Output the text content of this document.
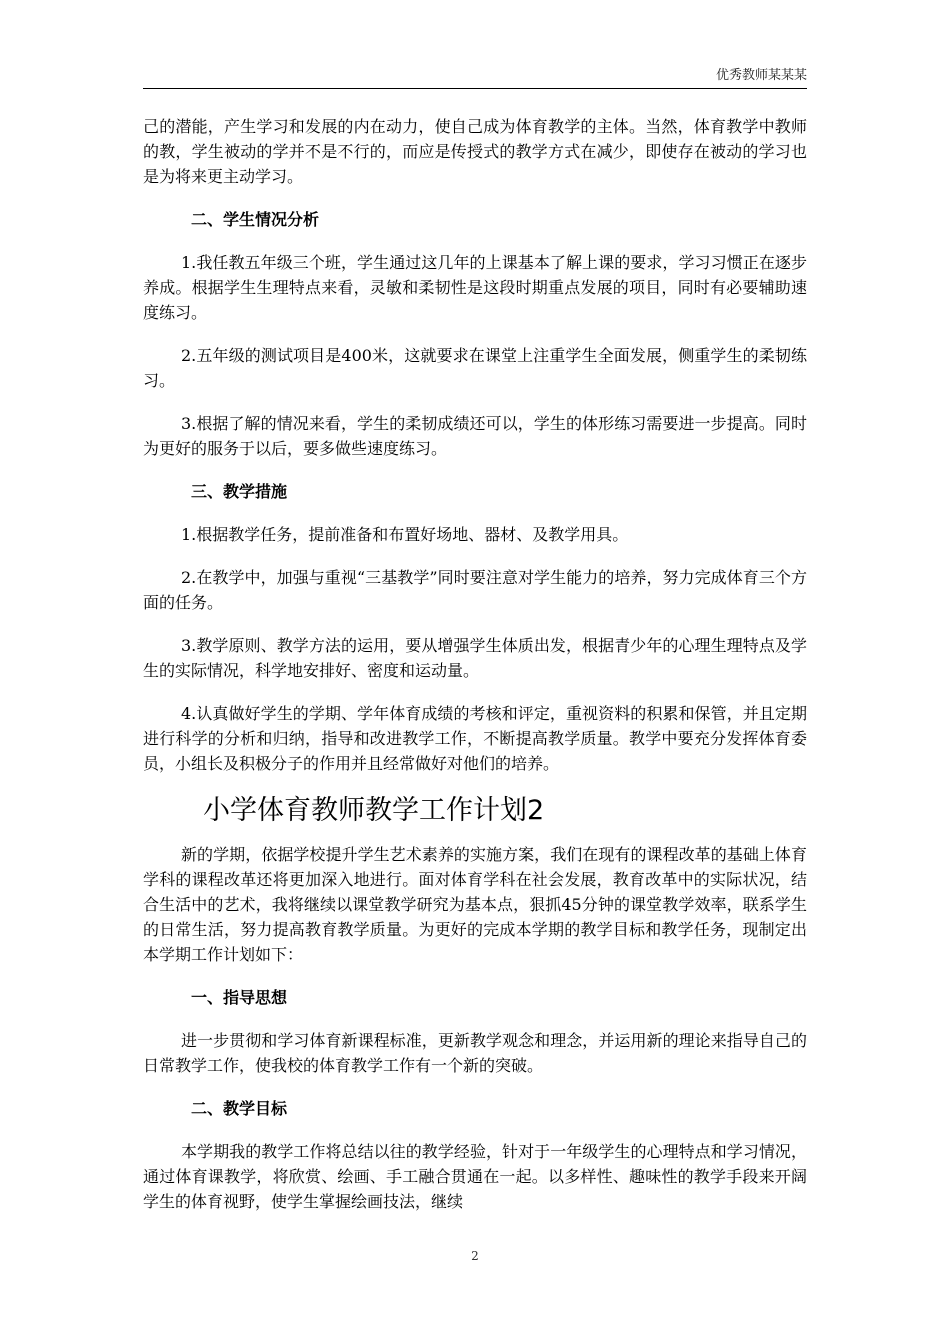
优秀教师某某某

己的潜能，产生学习和发展的内在动力，使自己成为体育教学的主体。当然，体育教学中教师的教，学生被动的学并不是不行的，而应是传授式的教学方式在减少，即使存在被动的学习也是为将来更主动学习。

二、学生情况分析

1.我任教五年级三个班，学生通过这几年的上课基本了解上课的要求，学习习惯正在逐步养成。根据学生生理特点来看，灵敏和柔韧性是这段时期重点发展的项目，同时有必要辅助速度练习。

2.五年级的测试项目是400米，这就要求在课堂上注重学生全面发展，侧重学生的柔韧练习。

3.根据了解的情况来看，学生的柔韧成绩还可以，学生的体形练习需要进一步提高。同时为更好的服务于以后，要多做些速度练习。

三、教学措施

1.根据教学任务，提前准备和布置好场地、器材、及教学用具。

2.在教学中，加强与重视“三基教学”同时要注意对学生能力的培养，努力完成体育三个方面的任务。

3.教学原则、教学方法的运用，要从增强学生体质出发，根据青少年的心理生理特点及学生的实际情况，科学地安排好、密度和运动量。

4.认真做好学生的学期、学年体育成绩的考核和评定，重视资料的积累和保管，并且定期进行科学的分析和归纳，指导和改进教学工作，不断提高教学质量。教学中要充分发挥体育委员，小组长及积极分子的作用并且经常做好对他们的培养。

小学体育教师教学工作计划2

新的学期，依据学校提升学生艺术素养的实施方案，我们在现有的课程改革的基础上体育学科的课程改革还将更加深入地进行。面对体育学科在社会发展，教育改革中的实际状况，结合生活中的艺术，我将继续以课堂教学研究为基本点，狠抓45分钟的课堂教学效率，联系学生的日常生活，努力提高教育教学质量。为更好的完成本学期的教学目标和教学任务，现制定出本学期工作计划如下：

一、指导思想

进一步贯彻和学习体育新课程标准，更新教学观念和理念，并运用新的理论来指导自己的日常教学工作，使我校的体育教学工作有一个新的突破。

二、教学目标

本学期我的教学工作将总结以往的教学经验，针对于一年级学生的心理特点和学习情况，通过体育课教学，将欣赏、绘画、手工融合贯通在一起。以多样性、趣味性的教学手段来开阔学生的体育视野，使学生掌握绘画技法，继续

2
